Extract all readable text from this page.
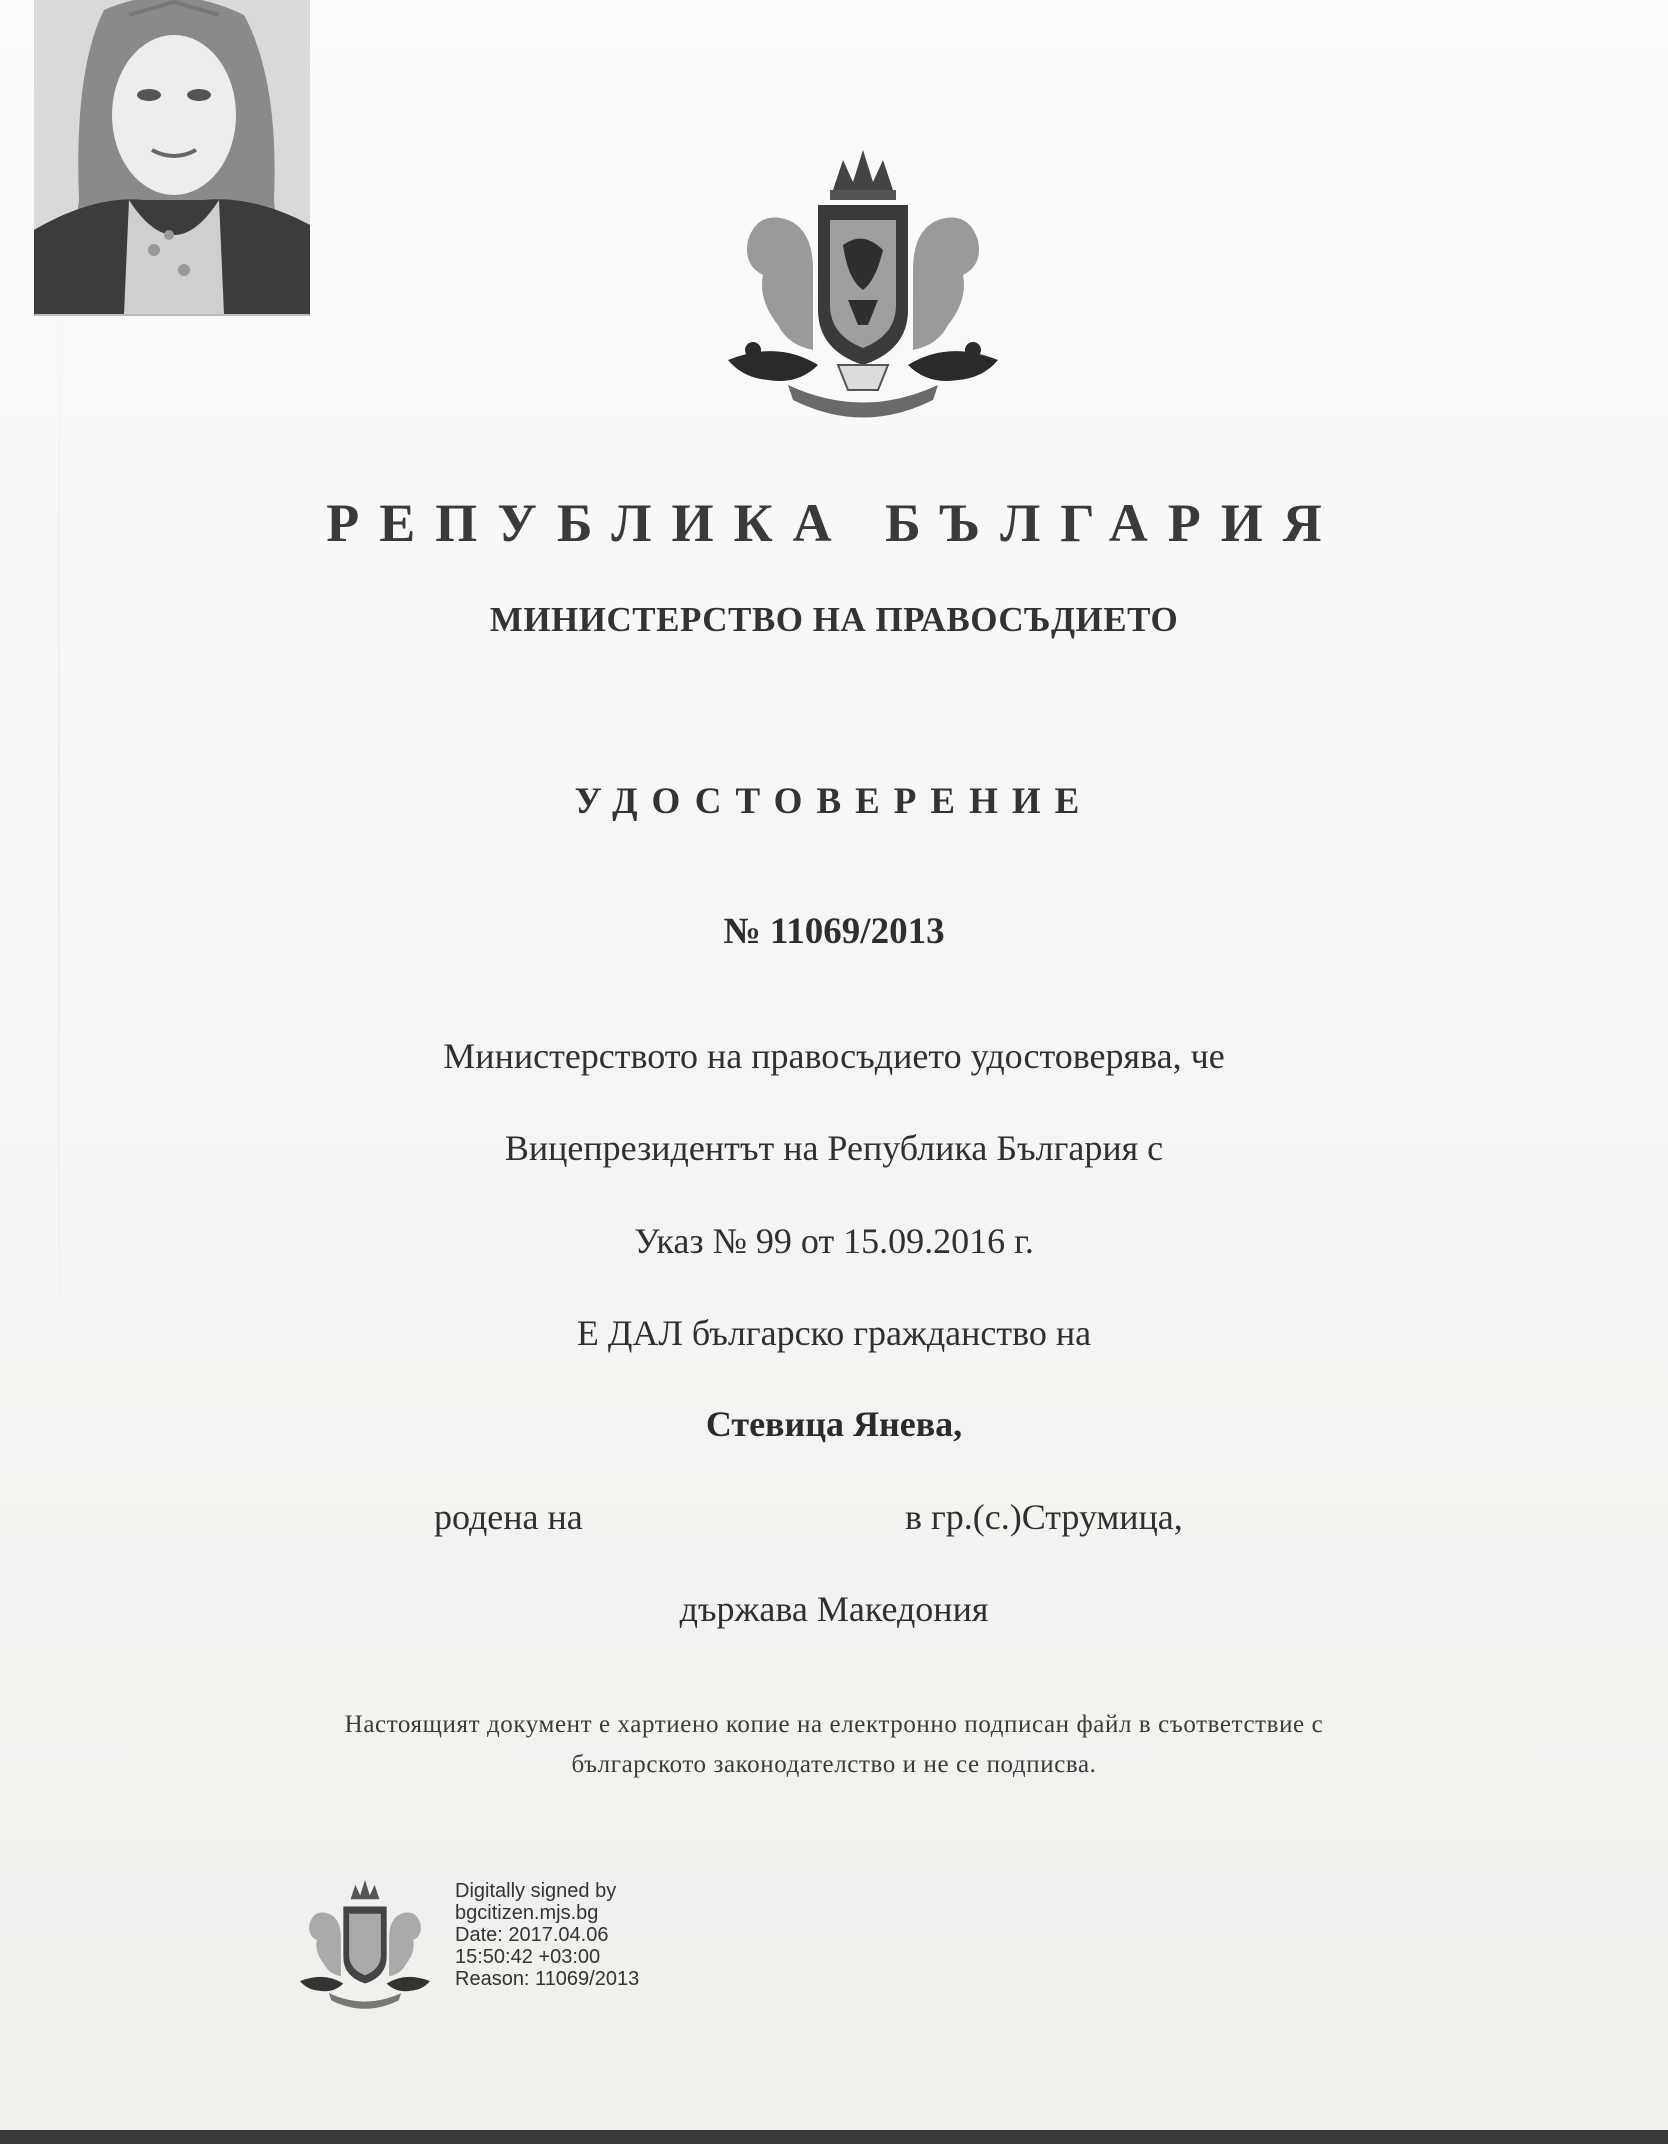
РЕПУБЛИКА БЪЛГАРИЯ
МИНИСТЕРСТВО НА ПРАВОСЪДИЕТО
УДОСТОВЕРЕНИЕ
№ 11069/2013
Министерството на правосъдието удостоверява, че
Вицепрезидентът на Република България с
Указ № 99 от 15.09.2016 г.
Е ДАЛ българско гражданство на
Стевица Янева,
родена на	в гр.(с.)Струмица,
държава Македония
Настоящият документ е хартиено копие на електронно подписан файл в съответствие с
българското законодателство и не се подписва.
Digitally signed by
bgcitizen.mjs.bg
Date: 2017.04.06
15:50:42 +03:00
Reason: 11069/2013
